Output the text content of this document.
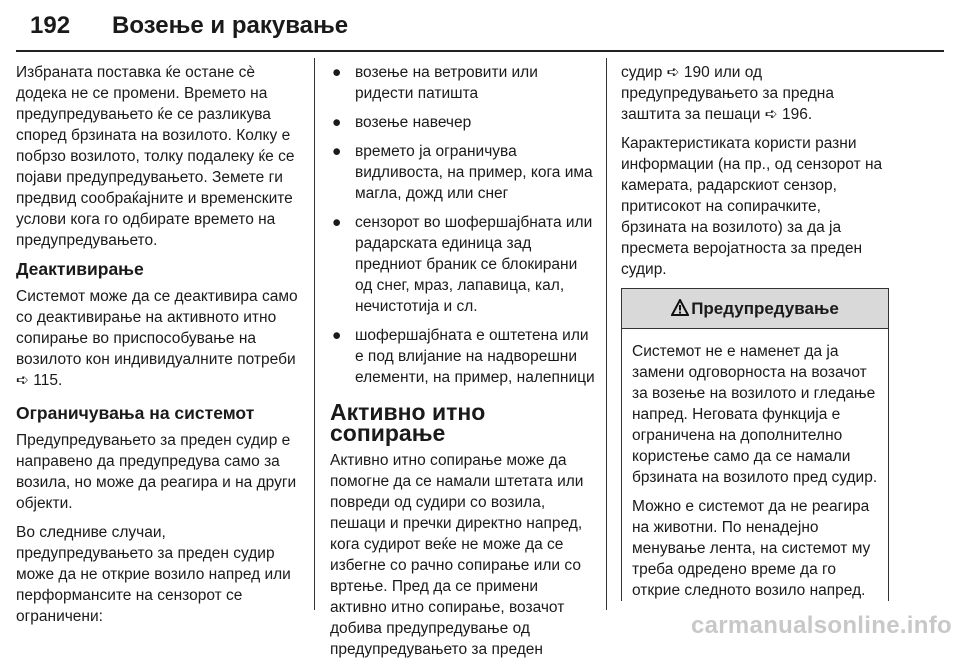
192 Возење и ракување

Избраната поставка ќе остане сè додека не се промени. Времето на предупредувањето ќе се разликува според брзината на возилото. Колку е побрзо возилото, толку подалеку ќе се појави предупредувањето. Земете ги предвид сообраќајните и временските услови кога го одбирате времето на предупредувањето.

Деактивирање

Системот може да се деактивира само со деактивирање на активното итно сопирање во приспособување на возилото кон индивидуалните потреби ➪ 115.

Ограничувања на системот

Предупредувањето за преден судир е направено да предупредува само за возила, но може да реагира и на други објекти.

Во следниве случаи, предупредувањето за преден судир може да не открие возило напред или перформансите на сензорот се ограничени:

● возење на ветровити или ридести патишта
● возење навечер
● времето ја ограничува видливоста, на пример, кога има магла, дожд или снег
● сензорот во шофершајбната или радарската единица зад предниот браник се блокирани од снег, мраз, лапавица, кал, нечистотија и сл.
● шофершајбната е оштетена или е под влијание на надворешни елементи, на пример, налепници
Активно итно сопирање

Активно итно сопирање може да помогне да се намали штетата или повреди од судири со возила, пешаци и пречки директно напред, кога судирот веќе не може да се избегне со рачно сопирање или со вртење. Пред да се примени активно итно сопирање, возачот добива предупредување од предупредувањето за преден

судир ➪ 190 или од предупредувањето за предна заштита за пешаци ➪ 196.

Карактеристиката користи разни информации (на пр., од сензорот на камерата, радарскиот сензор, притисокот на сопирачките, брзината на возилото) за да ја пресмета веројатноста за преден судир.

Предупредување

Системот не е наменет да ја замени одговорноста на возачот за возење на возилото и гледање напред. Неговата функција е ограничена на дополнително користење само да се намали брзината на возилото пред судир.

Можно е системот да не реагира на животни. По ненадејно менување лента, на системот му треба одредено време да го открие следното возило напред.

carmanualsonline.info
